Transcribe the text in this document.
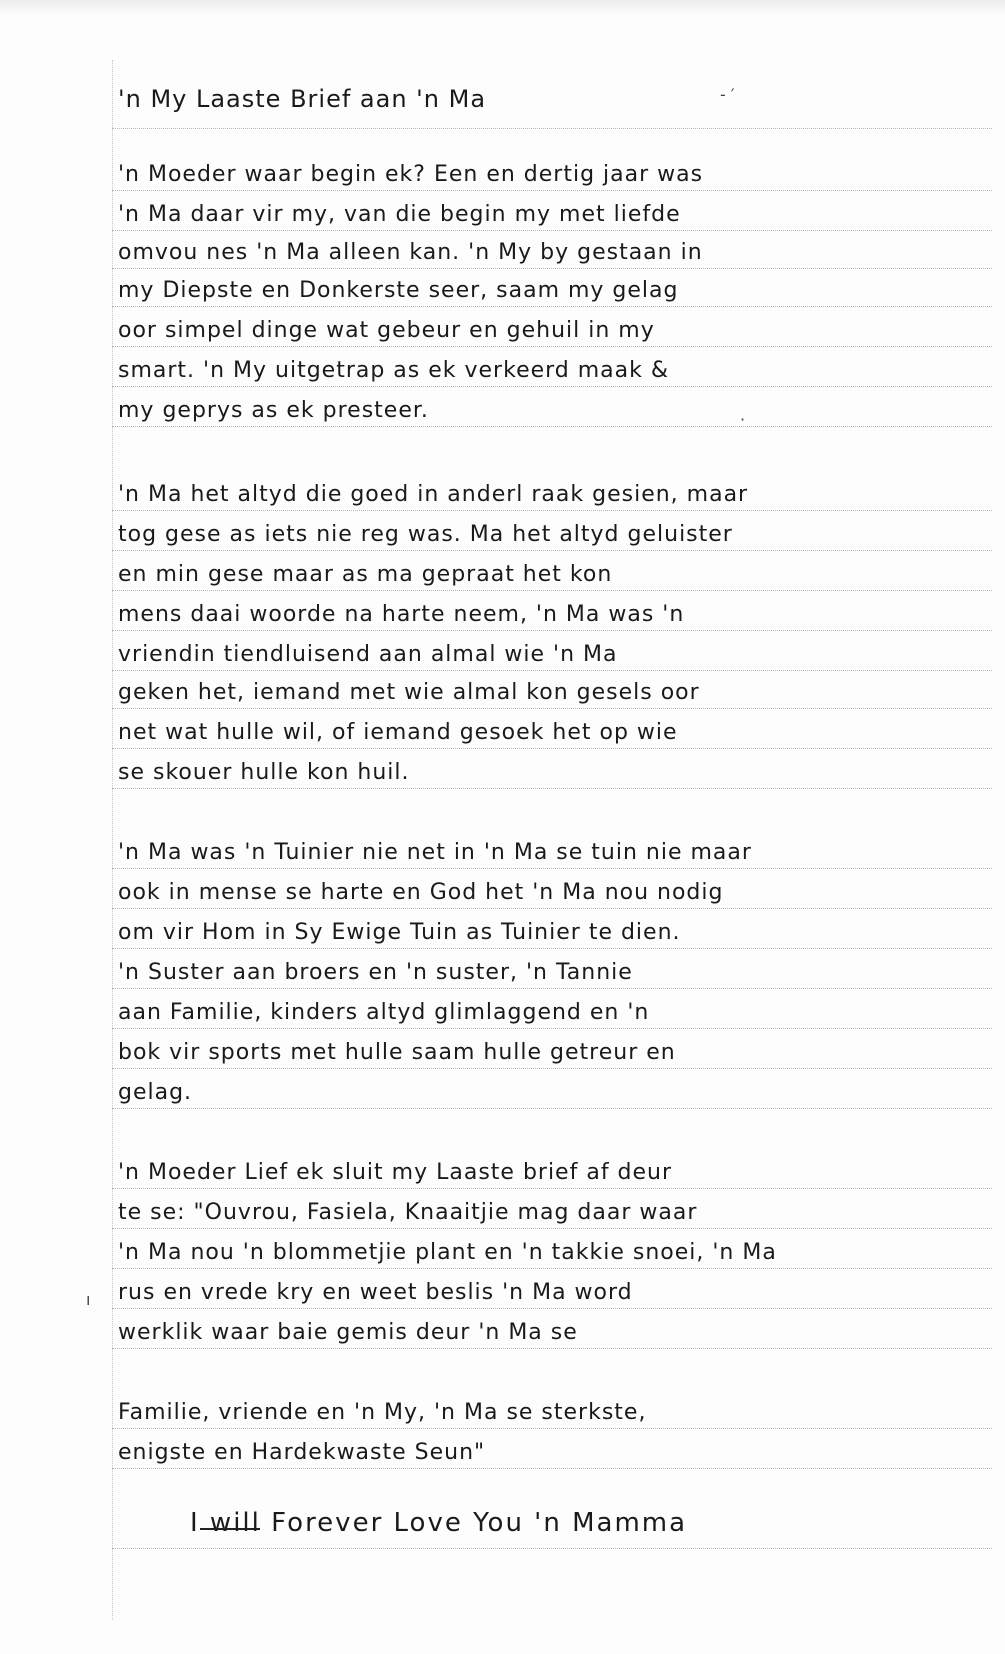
'n My Laaste Brief aan 'n Ma
'n Moeder waar begin ek? Een en dertig jaar was
'n Ma daar vir my, van die begin my met liefde
omvou nes 'n Ma alleen kan. 'n My by gestaan in
my Diepste en Donkerste seer, saam my gelag
oor simpel dinge wat gebeur en gehuil in my
smart. 'n My uitgetrap as ek verkeerd maak &
my geprys as ek presteer.
'n Ma het altyd die goed in anderl raak gesien, maar
tog gese as iets nie reg was. Ma het altyd geluister
en min gese maar as ma gepraat het kon
mens daai woorde na harte neem, 'n Ma was 'n
vriendin tiendluisend aan almal wie 'n Ma
geken het, iemand met wie almal kon gesels oor
net wat hulle wil, of iemand gesoek het op wie
se skouer hulle kon huil.
'n Ma was 'n Tuinier nie net in 'n Ma se tuin nie maar
ook in mense se harte en God het 'n Ma nou nodig
om vir Hom in Sy Ewige Tuin as Tuinier te dien.
'n Suster aan broers en 'n suster, 'n Tannie
aan Familie, kinders altyd glimlaggend en 'n
bok vir sports met hulle saam hulle getreur en
gelag.
'n Moeder Lief ek sluit my Laaste brief af deur
te se: "Ouvrou, Fasiela, Knaaitjie mag daar waar
'n Ma nou 'n blommetjie plant en 'n takkie snoei, 'n Ma
rus en vrede kry en weet beslis 'n Ma word
werklik waar baie gemis deur 'n Ma se
Familie, vriende en 'n My, 'n Ma se sterkste,
enigste en Hardekwaste Seun"
I will Forever Love You 'n Mamma
·
ı
‑ ′
